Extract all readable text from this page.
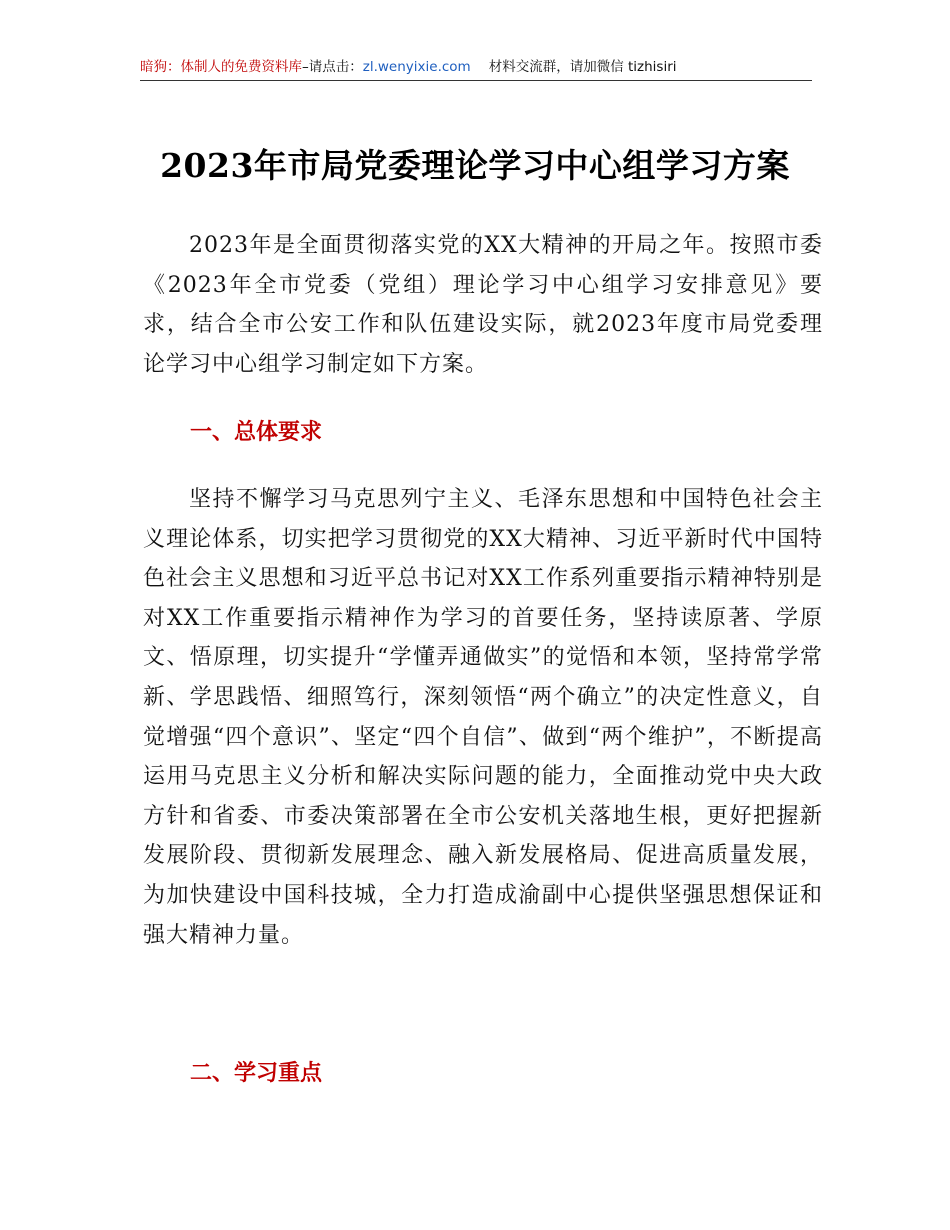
暗狗：体制人的免费资料库–请点击：zl.wenyixie.com 材料交流群，请加微信 tizhisiri
2023年市局党委理论学习中心组学习方案

2023年是全面贯彻落实党的XX大精神的开局之年。按照市委《2023年全市党委（党组）理论学习中心组学习安排意见》要求，结合全市公安工作和队伍建设实际，就2023年度市局党委理论学习中心组学习制定如下方案。

一、总体要求

坚持不懈学习马克思列宁主义、毛泽东思想和中国特色社会主义理论体系，切实把学习贯彻党的XX大精神、习近平新时代中国特色社会主义思想和习近平总书记对XX工作系列重要指示精神特别是对XX工作重要指示精神作为学习的首要任务，坚持读原著、学原文、悟原理，切实提升“学懂弄通做实”的觉悟和本领，坚持常学常新、学思践悟、细照笃行，深刻领悟“两个确立”的决定性意义，自觉增强“四个意识”、坚定“四个自信”、做到“两个维护”，不断提高运用马克思主义分析和解决实际问题的能力，全面推动党中央大政方针和省委、市委决策部署在全市公安机关落地生根，更好把握新发展阶段、贯彻新发展理念、融入新发展格局、促进高质量发展，为加快建设中国科技城，全力打造成渝副中心提供坚强思想保证和强大精神力量。

二、学习重点
